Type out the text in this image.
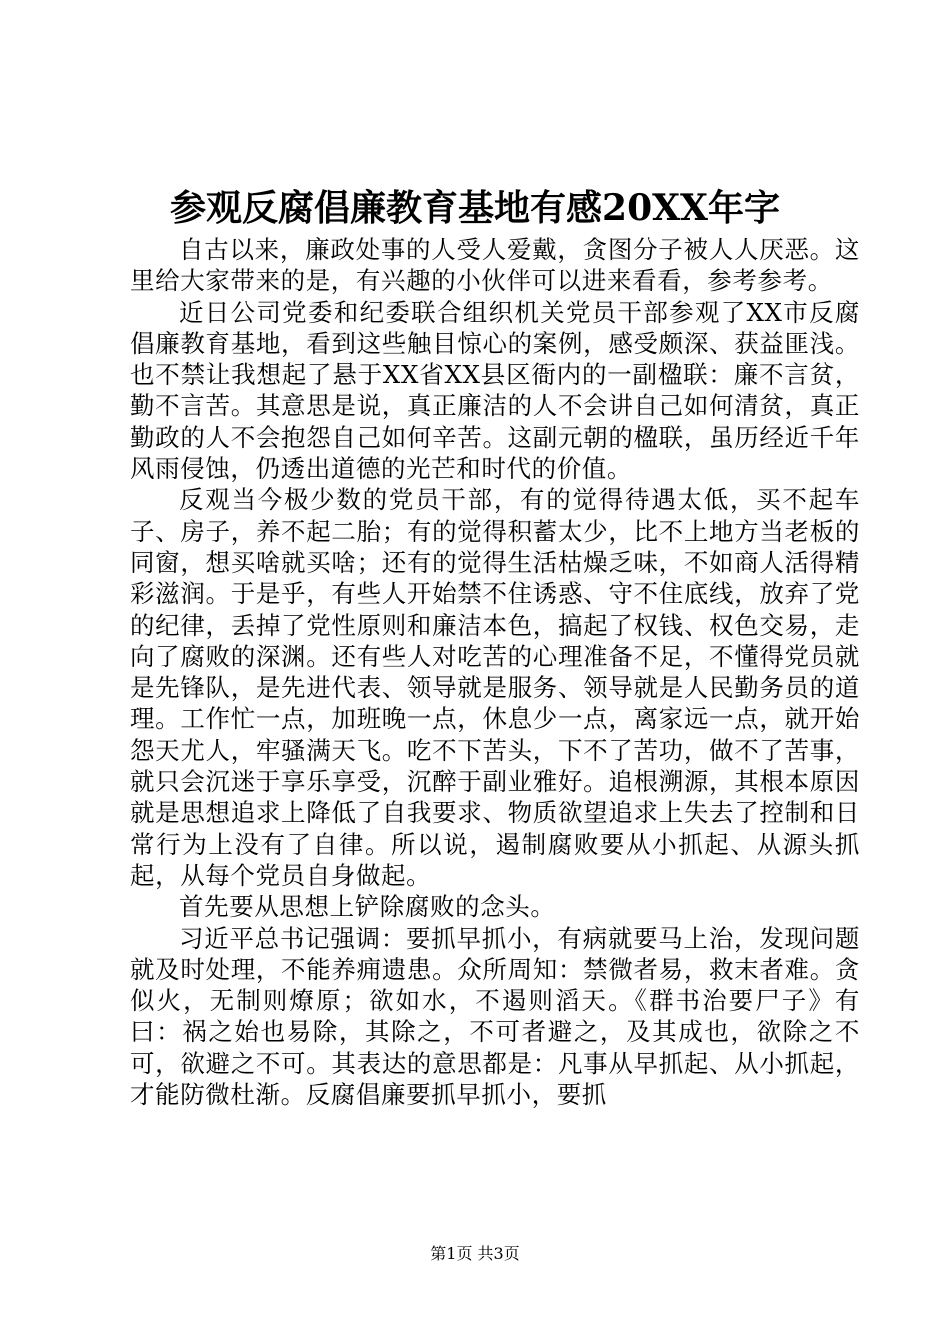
参观反腐倡廉教育基地有感20XX年字

自古以来，廉政处事的人受人爱戴，贪图分子被人人厌恶。这里给大家带来的是，有兴趣的小伙伴可以进来看看，参考参考。

近日公司党委和纪委联合组织机关党员干部参观了XX市反腐倡廉教育基地，看到这些触目惊心的案例，感受颇深、获益匪浅。也不禁让我想起了悬于XX省XX县区衙内的一副楹联：廉不言贫，勤不言苦。其意思是说，真正廉洁的人不会讲自己如何清贫，真正勤政的人不会抱怨自己如何辛苦。这副元朝的楹联，虽历经近千年风雨侵蚀，仍透出道德的光芒和时代的价值。

反观当今极少数的党员干部，有的觉得待遇太低，买不起车子、房子，养不起二胎；有的觉得积蓄太少，比不上地方当老板的同窗，想买啥就买啥；还有的觉得生活枯燥乏味，不如商人活得精彩滋润。于是乎，有些人开始禁不住诱惑、守不住底线，放弃了党的纪律，丢掉了党性原则和廉洁本色，搞起了权钱、权色交易，走向了腐败的深渊。还有些人对吃苦的心理准备不足，不懂得党员就是先锋队，是先进代表、领导就是服务、领导就是人民勤务员的道理。工作忙一点，加班晚一点，休息少一点，离家远一点，就开始怨天尤人，牢骚满天飞。吃不下苦头，下不了苦功，做不了苦事，就只会沉迷于享乐享受，沉醉于副业雅好。追根溯源，其根本原因就是思想追求上降低了自我要求、物质欲望追求上失去了控制和日常行为上没有了自律。所以说，遏制腐败要从小抓起、从源头抓起，从每个党员自身做起。

首先要从思想上铲除腐败的念头。

习近平总书记强调：要抓早抓小，有病就要马上治，发现问题就及时处理，不能养痈遗患。众所周知：禁微者易，救末者难。贪似火，无制则燎原；欲如水，不遏则滔天。《群书治要尸子》有曰：祸之始也易除，其除之，不可者避之，及其成也，欲除之不可，欲避之不可。其表达的意思都是：凡事从早抓起、从小抓起，才能防微杜渐。反腐倡廉要抓早抓小，要抓

第1页 共3页
